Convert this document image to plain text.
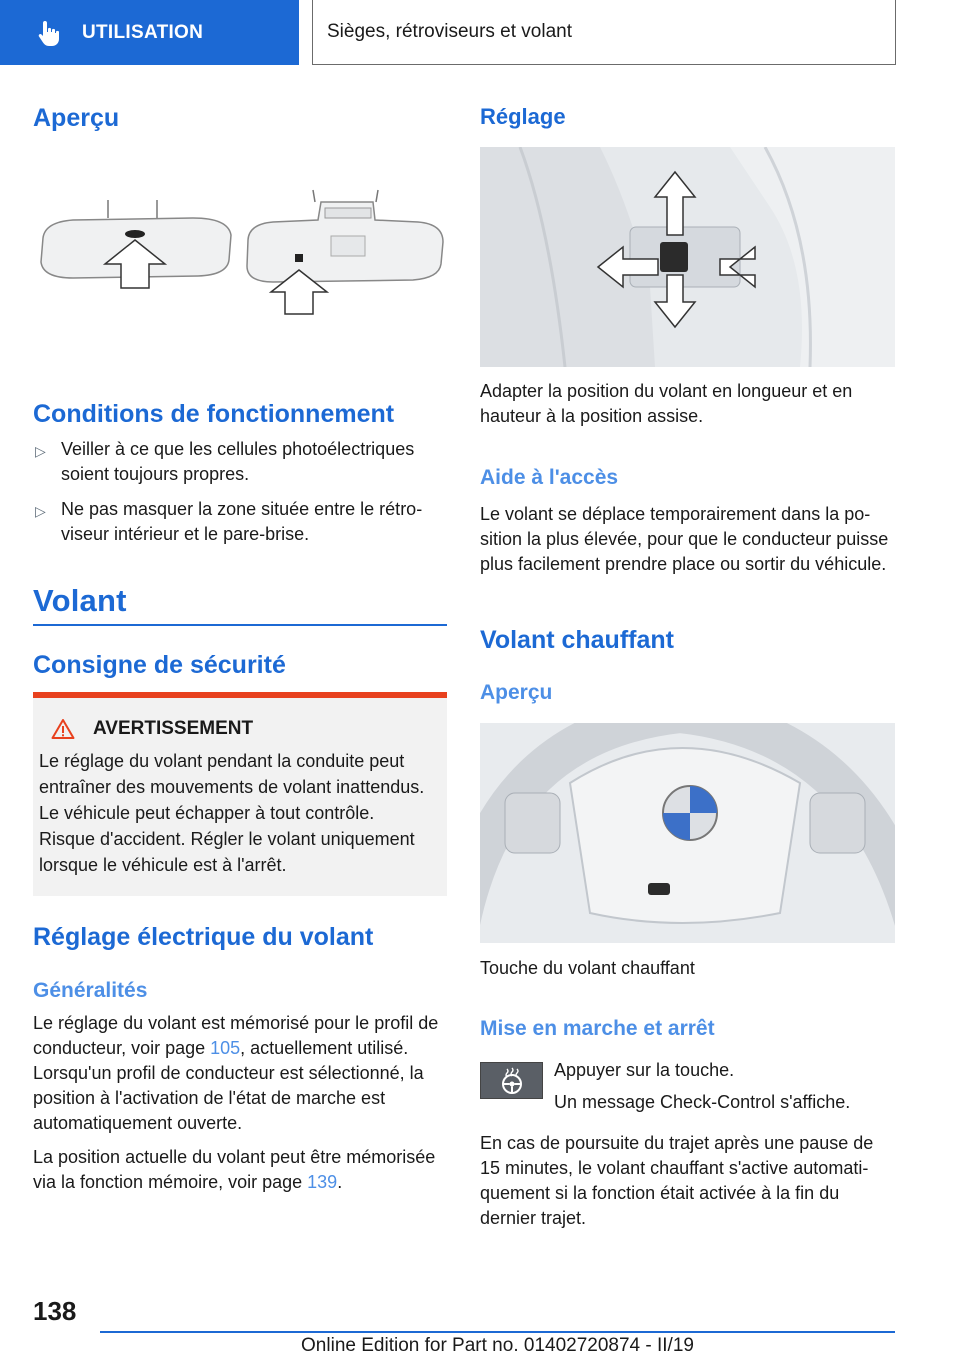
UTILISATION	Sièges, rétroviseurs et volant
Aperçu
Conditions de fonctionnement
▷ Veiller à ce que les cellules photoélectriques soient toujours propres.
▷ Ne pas masquer la zone située entre le rétroviseur intérieur et le pare-brise.
Volant
Consigne de sécurité
AVERTISSEMENT
Le réglage du volant pendant la conduite peut entraîner des mouvements de volant inattendus. Le véhicule peut échapper à tout contrôle. Risque d'accident. Régler le volant uniquement lorsque le véhicule est à l'arrêt.
Réglage électrique du volant
Généralités

Le réglage du volant est mémorisé pour le profil de conducteur, voir page 105, actuellement utilisé. Lorsqu'un profil de conducteur est sélectionné, la position à l'activation de l'état de marche est automatiquement ouverte.

La position actuelle du volant peut être mémorisée via la fonction mémoire, voir page 139.

Réglage

Adapter la position du volant en longueur et en hauteur à la position assise.

Aide à l'accès

Le volant se déplace temporairement dans la position la plus élevée, pour que le conducteur puisse plus facilement prendre place ou sortir du véhicule.

Volant chauffant
Aperçu

Touche du volant chauffant

Mise en marche et arrêt

Appuyer sur la touche.

Un message Check-Control s'affiche.

En cas de poursuite du trajet après une pause de 15 minutes, le volant chauffant s'active automatiquement si la fonction était activée à la fin du dernier trajet.

138
Online Edition for Part no. 01402720874 - II/19
